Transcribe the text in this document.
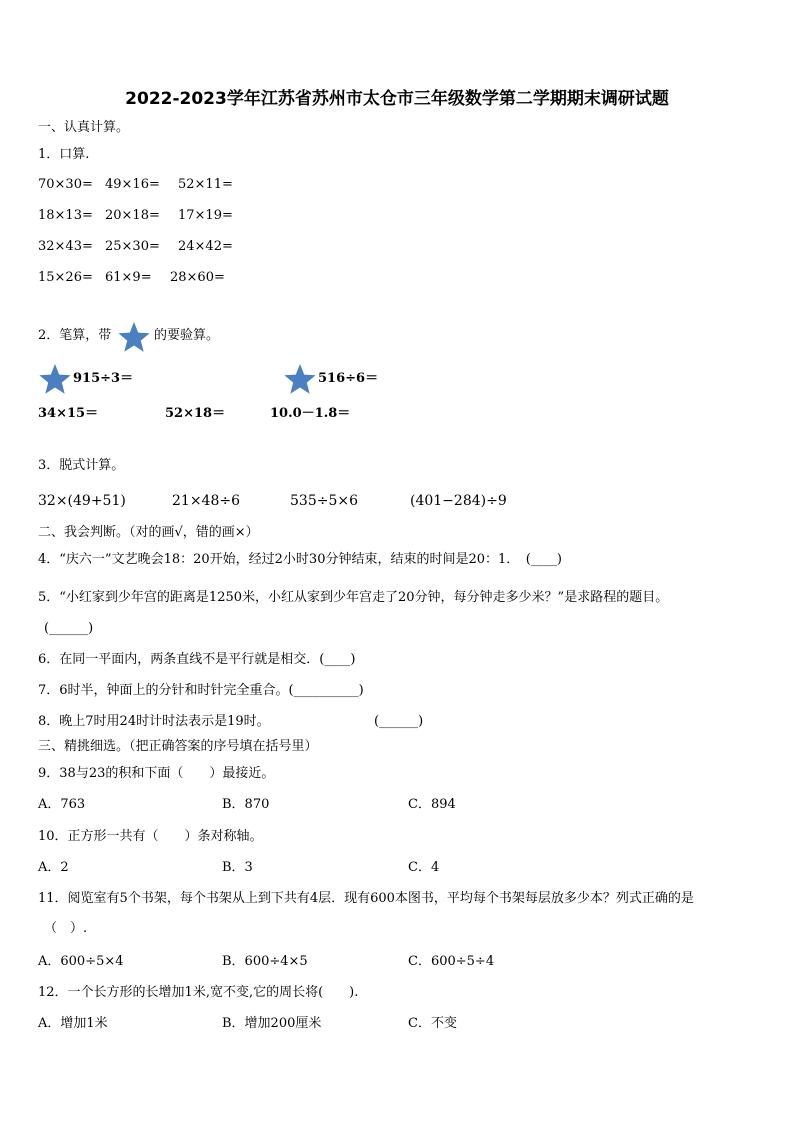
2022-2023学年江苏省苏州市太仓市三年级数学第二学期期末调研试题
一、认真计算。
1．口算.
70×30= 49×16= 52×11=
18×13= 20×18= 17×19=
32×43= 25×30= 24×42=
15×26= 61×9= 28×60=
2．笔算，带	的要验算。
915÷3＝	516÷6＝
34×15＝	52×18＝	10.0－1.8＝
3．脱式计算。
32×(49+51)	21×48÷6	535÷5×6	(401−284)÷9
二、我会判断。（对的画√，错的画×）
4．“庆六一”文艺晚会18：20开始，经过2小时30分钟结束，结束的时间是20：1．　(____)
5．“小红家到少年宫的距离是1250米，小红从家到少年宫走了20分钟，每分钟走多少米？”是求路程的题目。
(______)
6．在同一平面内，两条直线不是平行就是相交．(____)
7．6时半，钟面上的分针和时针完全重合。(__________)
8．晚上7时用24时计时法表示是19时。	(______)
三、精挑细选。（把正确答案的序号填在括号里）
9．38与23的积和下面（　　）最接近。
A．763	B．870	C．894
10．正方形一共有（　　）条对称轴。
A．2	B．3	C．4
11．阅览室有5个书架，每个书架从上到下共有4层．现有600本图书，平均每个书架每层放多少本？列式正确的是
（　）.
A．600÷5×4	B．600÷4×5	C．600÷5÷4
12．一个长方形的长增加1米,宽不变,它的周长将(　　).
A．增加1米	B．增加200厘米	C．不变
